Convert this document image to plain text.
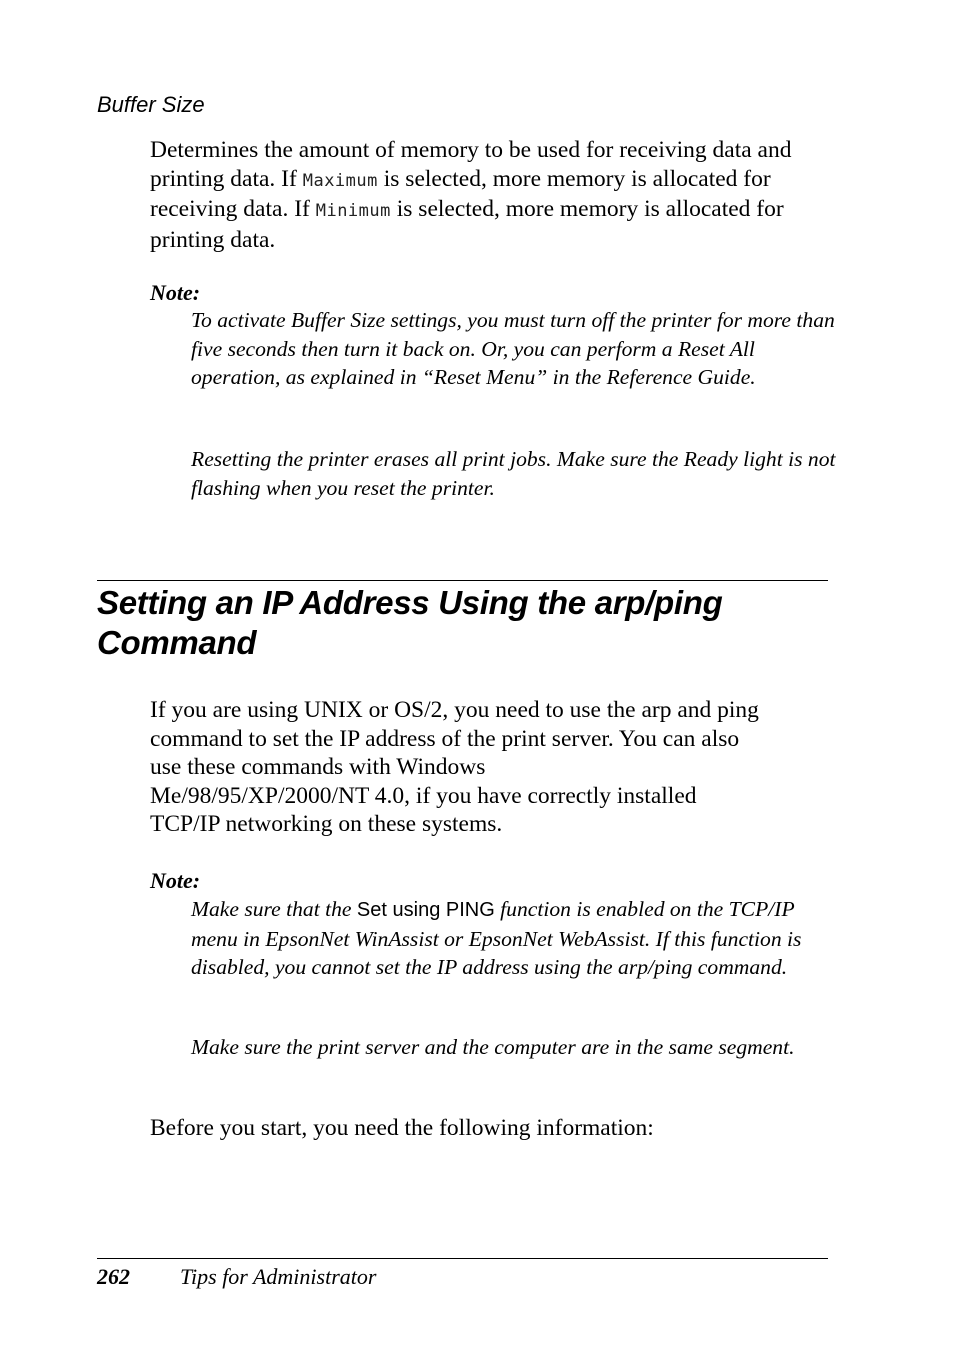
Buffer Size

Determines the amount of memory to be used for receiving data and printing data. If Maximum is selected, more memory is allocated for receiving data. If Minimum is selected, more memory is allocated for printing data.

Note:

To activate Buffer Size settings, you must turn off the printer for more than five seconds then turn it back on. Or, you can perform a Reset All operation, as explained in “Reset Menu” in the Reference Guide.

Resetting the printer erases all print jobs. Make sure the Ready light is not flashing when you reset the printer.

Setting an IP Address Using the arp/ping
Command

If you are using UNIX or OS/2, you need to use the arp and ping
command to set the IP address of the print server. You can also
use these commands with Windows
Me/98/95/XP/2000/NT 4.0, if you have correctly installed
TCP/IP networking on these systems.

Note:

Make sure that the Set using PING function is enabled on the TCP/IP menu in EpsonNet WinAssist or EpsonNet WebAssist. If this function is disabled, you cannot set the IP address using the arp/ping command.

Make sure the print server and the computer are in the same segment.

Before you start, you need the following information:

262 Tips for Administrator
